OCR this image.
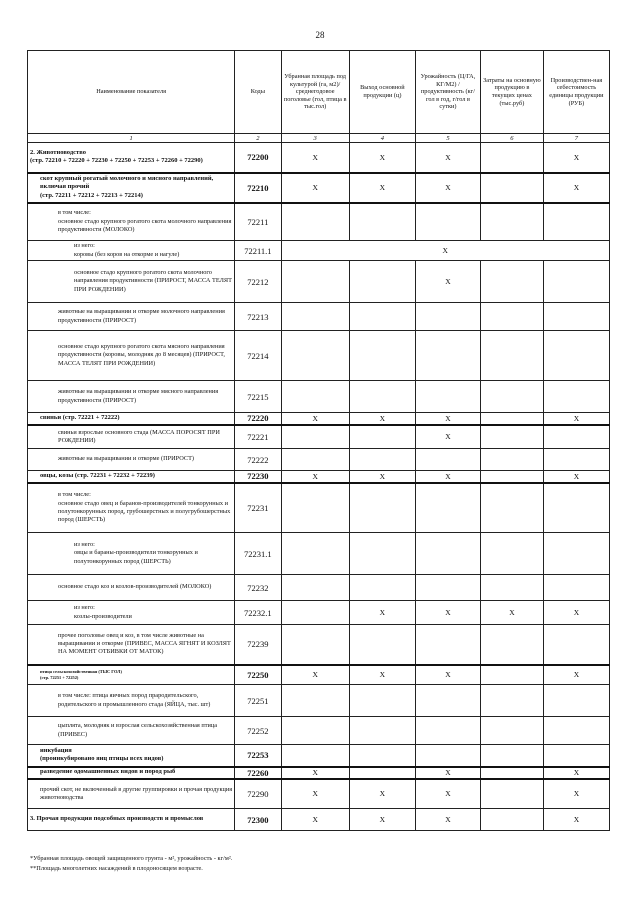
28
Наименование показателя	Коды	Убранная площадь под культурой (га, м2)/ среднегодовое поголовье (гол, птица в тыс.гол)	Выход основной продукции (ц)	Урожайность (Ц/ГА, КГ/М2) / продуктивность (кг/гол в год, г/гол в сутки)	Затраты на основную продукцию в текущих ценах (тыс.руб)	Производствен-ная себестоимость единицы продукции (РУБ)
1	2	3	4	5	6	7
2. Животноводство
(стр. 72210 + 72220 + 72230 + 72250 + 72253 + 72260 + 72290)	72200	X	X	X		X
скот крупный рогатый молочного и мясного направлений, включая прочий
(стр. 72211 + 72212 + 72213 + 72214)	72210	X	X	X		X
в том числе:
основное стадо крупного рогатого скота молочного направления продуктивности (МОЛОКО)	72211					
из него:
коровы (без коров на откорме и нагуле)	72211.1	X				
основное стадо крупного рогатого скота молочного направления продуктивности (ПРИРОСТ, МАССА ТЕЛЯТ ПРИ РОЖДЕНИИ)	72212			X		
животные на выращивании и откорме молочного направления продуктивности (ПРИРОСТ)	72213					
основное стадо крупного рогатого скота мясного направления продуктивности (коровы, молодняк до 8 месяцев) (ПРИРОСТ, МАССА ТЕЛЯТ ПРИ РОЖДЕНИИ)	72214					
животные на выращивании и откорме мясного направления продуктивности (ПРИРОСТ)	72215					
свиньи (стр. 72221 + 72222)	72220	X	X	X		X
свиньи взрослые основного стада (МАССА ПОРОСЯТ ПРИ РОЖДЕНИИ)	72221			X		
животные на выращивании и откорме (ПРИРОСТ)	72222					
овцы, козы (стр. 72231 + 72232 + 72239)	72230	X	X	X		X
в том числе:
основное стадо овец и баранов-производителей тонкорунных и полутонкорунных пород, грубошерстных и полугрубошерстных пород (ШЕРСТЬ)	72231					
из него:
овцы и бараны-производители тонкорунных и полутонкорунных пород (ШЕРСТЬ)	72231.1					
основное стадо коз и козлов-производителей (МОЛОКО)	72232					
из него:
козлы-производители	72232.1		X	X	X	X
прочее поголовье овец и коз, в том числе животные на выращивании и откорме (ПРИВЕС, МАССА ЯГНЯТ И КОЗЛЯТ НА МОМЕНТ ОТБИВКИ ОТ МАТОК)	72239					
птица сельскохозяйственная (ТЫС ГОЛ)
(стр. 72251 + 72252)	72250	X	X	X		X
в том числе: птица яичных пород прародительского, родительского и промышленного стада (ЯЙЦА, тыс. шт)	72251					
цыплята, молодняк и взрослая сельскохозяйственная птица (ПРИВЕС)	72252					
инкубация
(проинкубировано яиц птицы всех видов)	72253					
разведение одомашненных видов и пород рыб	72260	X		X		X
прочий скот, не включенный в другие группировки и прочая продукция животноводства	72290	X	X	X		X
3. Прочая продукция подсобных производств и промыслов	72300	X	X	X		X
*Убранная площадь овощей защищенного грунта - м², урожайность - кг/м².
**Площадь многолетних насаждений в плодоносящем возрасте.
